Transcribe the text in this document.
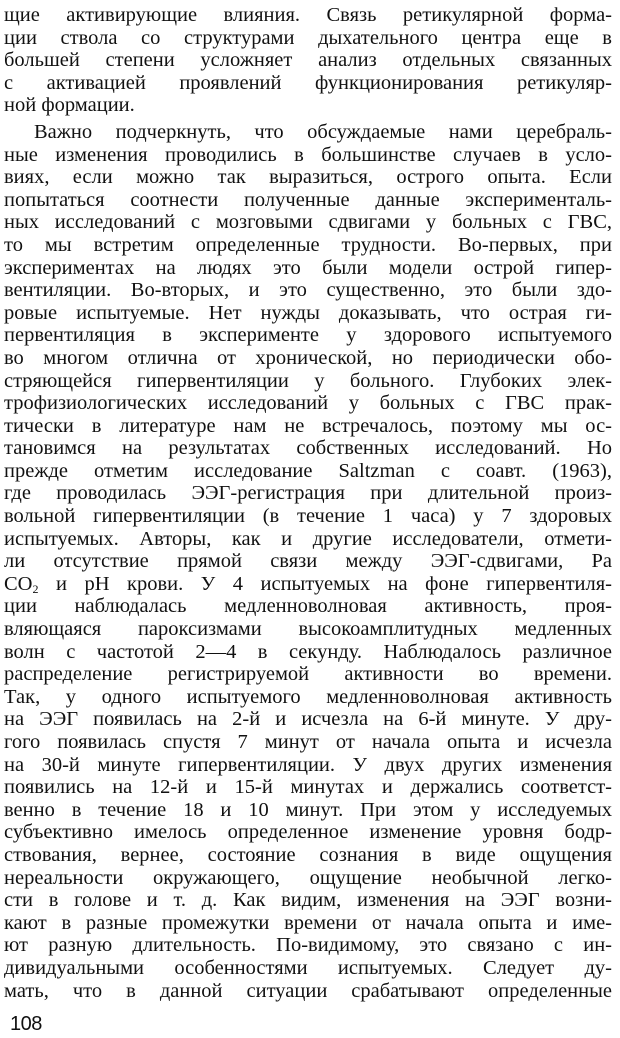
щие активирующие влияния. Связь ретикулярной форма-
ции ствола со структурами дыхательного центра еще в
большей степени усложняет анализ отдельных связанных
с активацией проявлений функционирования ретикуляр-
ной формации.
Важно подчеркнуть, что обсуждаемые нами церебраль-
ные изменения проводились в большинстве случаев в усло-
виях, если можно так выразиться, острого опыта. Если
попытаться соотнести полученные данные эксперименталь-
ных исследований с мозговыми сдвигами у больных с ГВС,
то мы встретим определенные трудности. Во-первых, при
экспериментах на людях это были модели острой гипер-
вентиляции. Во-вторых, и это существенно, это были здо-
ровые испытуемые. Нет нужды доказывать, что острая ги-
первентиляция в эксперименте у здорового испытуемого
во многом отлична от хронической, но периодически обо-
стряющейся гипервентиляции у больного. Глубоких элек-
трофизиологических исследований у больных с ГВС прак-
тически в литературе нам не встречалось, поэтому мы ос-
тановимся на результатах собственных исследований. Но
прежде отметим исследование Saltzman с соавт. (1963),
где проводилась ЭЭГ-регистрация при длительной произ-
вольной гипервентиляции (в течение 1 часа) у 7 здоровых
испытуемых. Авторы, как и другие исследователи, отмети-
ли отсутствие прямой связи между ЭЭГ-сдвигами, Pa
$CO_2$ и pH крови. У 4 испытуемых на фоне гипервентиля-
ции наблюдалась медленноволновая активность, проя-
вляющаяся пароксизмами высокоамплитудных медленных
волн с частотой 2—4 в секунду. Наблюдалось различное
распределение регистрируемой активности во времени.
Так, у одного испытуемого медленноволновая активность
на ЭЭГ появилась на 2-й и исчезла на 6-й минуте. У дру-
гого появилась спустя 7 минут от начала опыта и исчезла
на 30-й минуте гипервентиляции. У двух других изменения
появились на 12-й и 15-й минутах и держались соответст-
венно в течение 18 и 10 минут. При этом у исследуемых
субъективно имелось определенное изменение уровня бодр-
ствования, вернее, состояние сознания в виде ощущения
нереальности окружающего, ощущение необычной легко-
сти в голове и т. д. Как видим, изменения на ЭЭГ возни-
кают в разные промежутки времени от начала опыта и име-
ют разную длительность. По-видимому, это связано с ин-
дивидуальными особенностями испытуемых. Следует ду-
мать, что в данной ситуации срабатывают определенные
108
